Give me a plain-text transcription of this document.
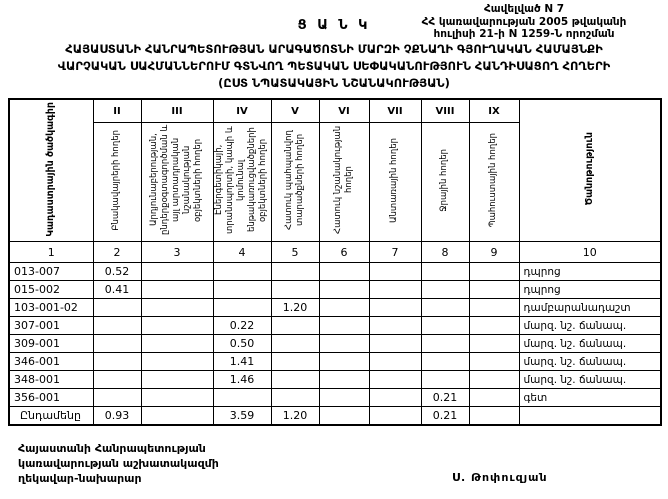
Հավելված N 7
ՀՀ կառավարության 2005 թվականի
հուլիսի 21-ի N 1259-Ն որոշման
Ց Ա Ն Կ
ՀԱՅԱՍՏԱՆԻ ՀԱՆՐԱՊԵՏՈՒԹՅԱՆ ԱՐԱԳԱԾՈՏՆԻ ՄԱՐԶԻ ՉՔՆԱՂԻ ԳՅՈՒՂԱԿԱՆ ՀԱՄԱՅՆՔԻ
ՎԱՐՉԱԿԱՆ ՍԱՀՄԱՆՆԵՐՈՒՄ ԳՏՆՎՈՂ ՊԵՏԱԿԱՆ ՍԵՓԱԿԱՆՈՒԹՅՈՒՆ ՀԱՆԴԻՍԱՑՈՂ ՀՈՂԵՐԻ
(ԸՍՏ ՆՊԱՏԱԿԱՅԻՆ ՆՇԱՆԱԿՈՒԹՅԱՆ)
Կադաստրային ծածկագիր	II	III	IV	V	VI	VII	VIII	IX	Ծանոթություն
	Բնակավայրերի հողեր	Արդյունաբերության, ընդերքօգտագործման և այլ արտադրական նշանակության օբյեկտների հողեր	Էներգետիկայի, տրանսպորտի, կապի և կոմունալ ենթակառուցվածքների օբյեկտների հողեր	Հատուկ պահպանվող տարածքների հողեր	Հատուկ նշանակության հողեր	Անտառային հողեր	Ջրային հողեր	Պահուստային հողեր	
1	2	3	4	5	6	7	8	9	10
013-007	0.52								դպրոց
015-002	0.41								դպրոց
103-001-02				1.20					դամբարանադաշտ
307-001			0.22						մարզ. նշ. ճանապ.
309-001			0.50						մարզ. նշ. ճանապ.
346-001			1.41						մարզ. նշ. ճանապ.
348-001			1.46						մարզ. նշ. ճանապ.
356-001							0.21		գետ
Ընդամենը	0.93		3.59	1.20			0.21		
Հայաստանի Հանրապետության
կառավարության աշխատակազմի
ղեկավար-նախարար	Ս. Թոփուզյան
